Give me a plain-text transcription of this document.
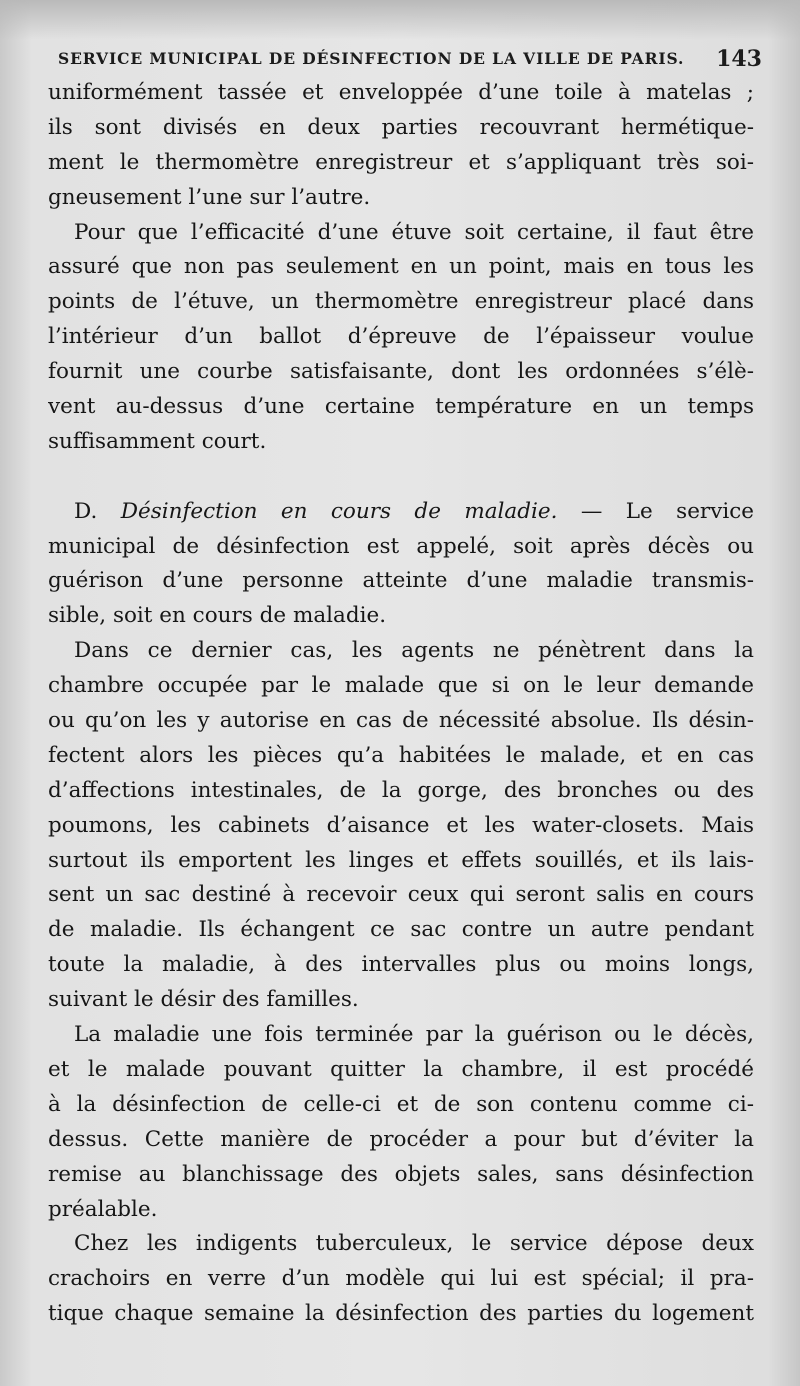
SERVICE MUNICIPAL DE DÉSINFECTION DE LA VILLE DE PARIS. 143
uniformément tassée et enveloppée d’une toile à matelas ;
ils sont divisés en deux parties recouvrant hermétique-
ment le thermomètre enregistreur et s’appliquant très soi-
gneusement l’une sur l’autre.
Pour que l’efficacité d’une étuve soit certaine, il faut être
assuré que non pas seulement en un point, mais en tous les
points de l’étuve, un thermomètre enregistreur placé dans
l’intérieur d’un ballot d’épreuve de l’épaisseur voulue
fournit une courbe satisfaisante, dont les ordonnées s’élè-
vent au-dessus d’une certaine température en un temps
suffisamment court.
D. Désinfection en cours de maladie. — Le service
municipal de désinfection est appelé, soit après décès ou
guérison d’une personne atteinte d’une maladie transmis-
sible, soit en cours de maladie.
Dans ce dernier cas, les agents ne pénètrent dans la
chambre occupée par le malade que si on le leur demande
ou qu’on les y autorise en cas de nécessité absolue. Ils désin-
fectent alors les pièces qu’a habitées le malade, et en cas
d’affections intestinales, de la gorge, des bronches ou des
poumons, les cabinets d’aisance et les water-closets. Mais
surtout ils emportent les linges et effets souillés, et ils lais-
sent un sac destiné à recevoir ceux qui seront salis en cours
de maladie. Ils échangent ce sac contre un autre pendant
toute la maladie, à des intervalles plus ou moins longs,
suivant le désir des familles.
La maladie une fois terminée par la guérison ou le décès,
et le malade pouvant quitter la chambre, il est procédé
à la désinfection de celle-ci et de son contenu comme ci-
dessus. Cette manière de procéder a pour but d’éviter la
remise au blanchissage des objets sales, sans désinfection
préalable.
Chez les indigents tuberculeux, le service dépose deux
crachoirs en verre d’un modèle qui lui est spécial; il pra-
tique chaque semaine la désinfection des parties du logement
